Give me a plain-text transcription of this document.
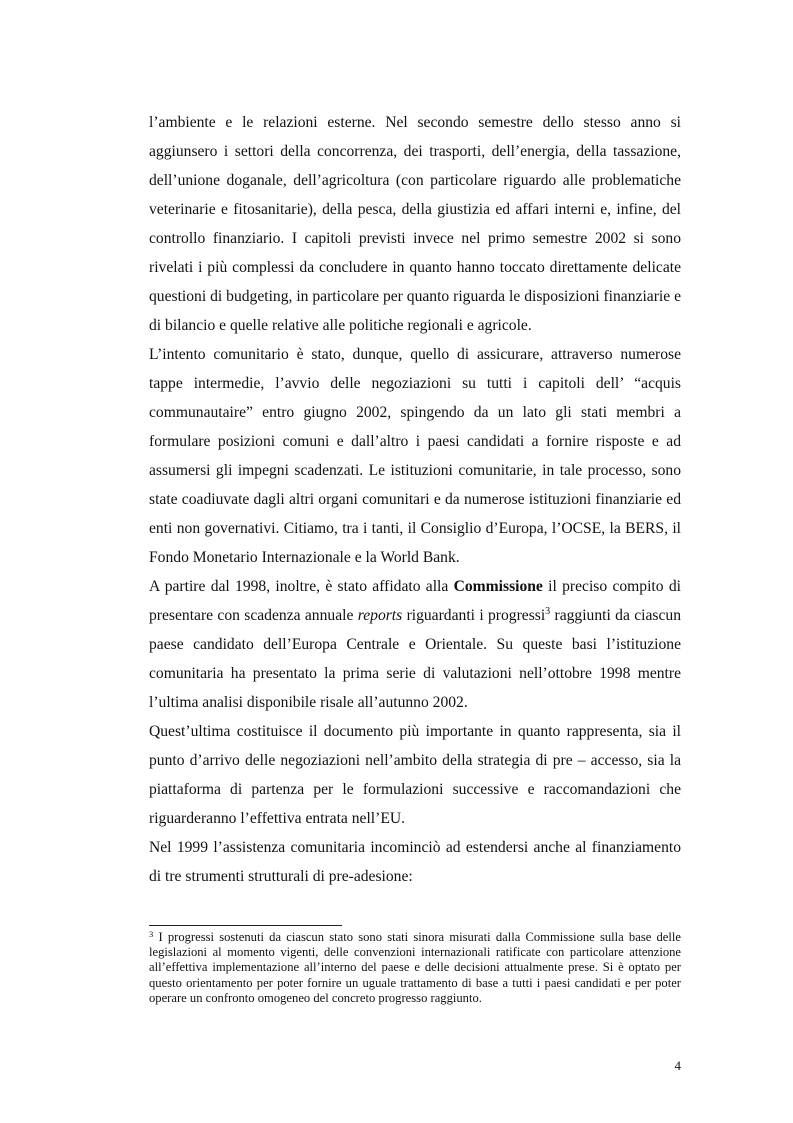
l’ambiente e le relazioni esterne. Nel secondo semestre dello stesso anno si aggiunsero i settori della concorrenza, dei trasporti, dell’energia, della tassazione, dell’unione doganale, dell’agricoltura (con particolare riguardo alle problematiche veterinarie e fitosanitarie), della pesca, della giustizia ed affari interni e, infine, del controllo finanziario. I capitoli previsti invece nel primo semestre 2002 si sono rivelati i più complessi da concludere in quanto hanno toccato direttamente delicate questioni di budgeting, in particolare per quanto riguarda le disposizioni finanziarie e di bilancio e quelle relative alle politiche regionali e agricole.

L’intento comunitario è stato, dunque, quello di assicurare, attraverso numerose tappe intermedie, l’avvio delle negoziazioni su tutti i capitoli dell’ “acquis communautaire” entro giugno 2002, spingendo da un lato gli stati membri a formulare posizioni comuni e dall’altro i paesi candidati a fornire risposte e ad assumersi gli impegni scadenzati. Le istituzioni comunitarie, in tale processo, sono state coadiuvate dagli altri organi comunitari e da numerose istituzioni finanziarie ed enti non governativi. Citiamo, tra i tanti, il Consiglio d’Europa, l’OCSE, la BERS, il Fondo Monetario Internazionale e la World Bank.

A partire dal 1998, inoltre, è stato affidato alla Commissione il preciso compito di presentare con scadenza annuale reports riguardanti i progressi$^3$ raggiunti da ciascun paese candidato dell’Europa Centrale e Orientale. Su queste basi l’istituzione comunitaria ha presentato la prima serie di valutazioni nell’ottobre 1998 mentre l’ultima analisi disponibile risale all’autunno 2002.

Quest’ultima costituisce il documento più importante in quanto rappresenta, sia il punto d’arrivo delle negoziazioni nell’ambito della strategia di pre – accesso, sia la piattaforma di partenza per le formulazioni successive e raccomandazioni che riguarderanno l’effettiva entrata nell’EU.

Nel 1999 l’assistenza comunitaria incominciò ad estendersi anche al finanziamento di tre strumenti strutturali di pre-adesione:

$^3$ I progressi sostenuti da ciascun stato sono stati sinora misurati dalla Commissione sulla base delle legislazioni al momento vigenti, delle convenzioni internazionali ratificate con particolare attenzione all’effettiva implementazione all’interno del paese e delle decisioni attualmente prese. Si è optato per questo orientamento per poter fornire un uguale trattamento di base a tutti i paesi candidati e per poter operare un confronto omogeneo del concreto progresso raggiunto.
4
